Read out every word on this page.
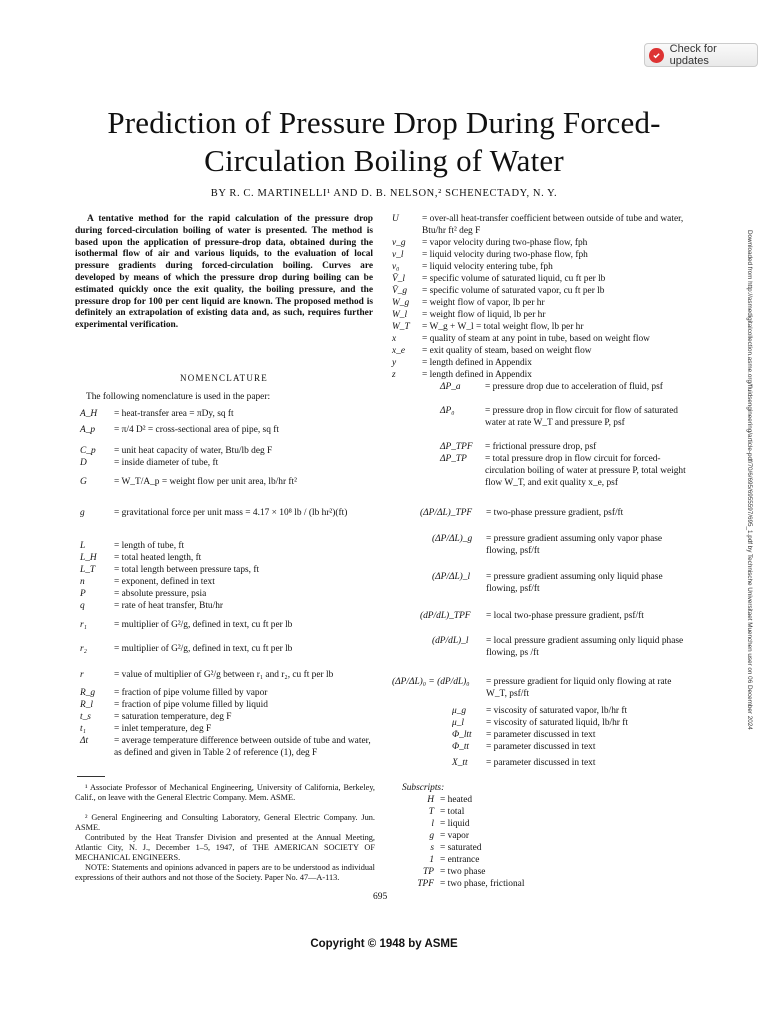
Check for updates
Prediction of Pressure Drop During Forced-
Circulation Boiling of Water
BY R. C. MARTINELLI¹ AND D. B. NELSON,² SCHENECTADY, N. Y.
A tentative method for the rapid calculation of the pressure drop during forced-circulation boiling of water is presented. The method is based upon the application of pressure-drop data, obtained during the isothermal flow of air and various liquids, to the evaluation of local pressure gradients during forced-circulation boiling. Curves are developed by means of which the pressure drop during boiling can be estimated quickly once the exit quality, the boiling pressure, and the pressure drop for 100 per cent liquid are known. The proposed method is definitely an extrapolation of existing data and, as such, requires further experimental verification.
NOMENCLATURE
The following nomenclature is used in the paper:
A_H = heat-transfer area = πDy, sq ft
A_p = π/4 D² = cross-sectional area of pipe, sq ft
C_p = unit heat capacity of water, Btu/lb deg F
D	= inside diameter of tube, ft
G	= W_T/A_p = weight flow per unit area, lb/hr ft²
g	= gravitational force per unit mass = 4.17 × 10⁸ lb / (lb hr²)(ft)
L	= length of tube, ft
L_H = total heated length, ft
L_T = total length between pressure taps, ft
n	= exponent, defined in text
P	= absolute pressure, psia
q	= rate of heat transfer, Btu/hr
r₁	= multiplier of G²/g, defined in text, cu ft per lb
r₂	= multiplier of G²/g, defined in text, cu ft per lb
r	= value of multiplier of G²/g between r₁ and r₂, cu ft per lb
R_g = fraction of pipe volume filled by vapor
R_l = fraction of pipe volume filled by liquid
t_s = saturation temperature, deg F
t₁	= inlet temperature, deg F
Δt	= average temperature difference between outside of tube and water, as defined and given in Table 2 of reference (1), deg F
¹ Associate Professor of Mechanical Engineering, University of California, Berkeley, Calif., on leave with the General Electric Company. Mem. ASME.
² General Engineering and Consulting Laboratory, General Electric Company. Jun. ASME.
Contributed by the Heat Transfer Division and presented at the Annual Meeting, Atlantic City, N. J., December 1–5, 1947, of THE AMERICAN SOCIETY OF MECHANICAL ENGINEERS.
NOTE: Statements and opinions advanced in papers are to be understood as individual expressions of their authors and not those of the Society. Paper No. 47—A-113.
U = over-all heat-transfer coefficient between outside of tube and water, Btu/hr ft² deg F
v_g = vapor velocity during two-phase flow, fph
v_l = liquid velocity during two-phase flow, fph
v₀ = liquid velocity entering tube, fph
V̄_l = specific volume of saturated liquid, cu ft per lb
V̄_g = specific volume of saturated vapor, cu ft per lb
W_g = weight flow of vapor, lb per hr
W_l = weight flow of liquid, lb per hr
W_T = W_g + W_l = total weight flow, lb per hr
x	= quality of steam at any point in tube, based on weight flow
x_e = exit quality of steam, based on weight flow
y	= length defined in Appendix
z	= length defined in Appendix
ΔP_a	= pressure drop due to acceleration of fluid, psf
ΔP₀	= pressure drop in flow circuit for flow of saturated water at rate W_T and pressure P, psf
ΔP_TPF = frictional pressure drop, psf
ΔP_TP = total pressure drop in flow circuit for forced-circulation boiling of water at pressure P, total weight flow W_T, and exit quality x_e, psf
(ΔP/ΔL)_TPF = two-phase pressure gradient, psf/ft
(ΔP/ΔL)_g = pressure gradient assuming only vapor phase flowing, psf/ft
(ΔP/ΔL)_l = pressure gradient assuming only liquid phase flowing, psf/ft
(dP/dL)_TPF = local two-phase pressure gradient, psf/ft
(dP/dL)_l = local pressure gradient assuming only liquid phase flowing, ps /ft
(ΔP/ΔL)₀ = (dP/dL)₀ = pressure gradient for liquid only flowing at rate W_T, psf/ft
μ_g = viscosity of saturated vapor, lb/hr ft
μ_l = viscosity of saturated liquid, lb/hr ft
Φ_ltt = parameter discussed in text
Φ_tt = parameter discussed in text
X_tt = parameter discussed in text
Subscripts:
H = heated
T = total
l = liquid
g = vapor
s = saturated
1 = entrance
TP = two phase
TPF = two phase, frictional
695
Copyright © 1948 by ASME
Downloaded from http://asmedigitalcollection.asme.org/fluidsengineering/article-pdf/70/6/695/6955597/695_1.pdf by Technische Universitaet Muenchen user on 06 December 2024
